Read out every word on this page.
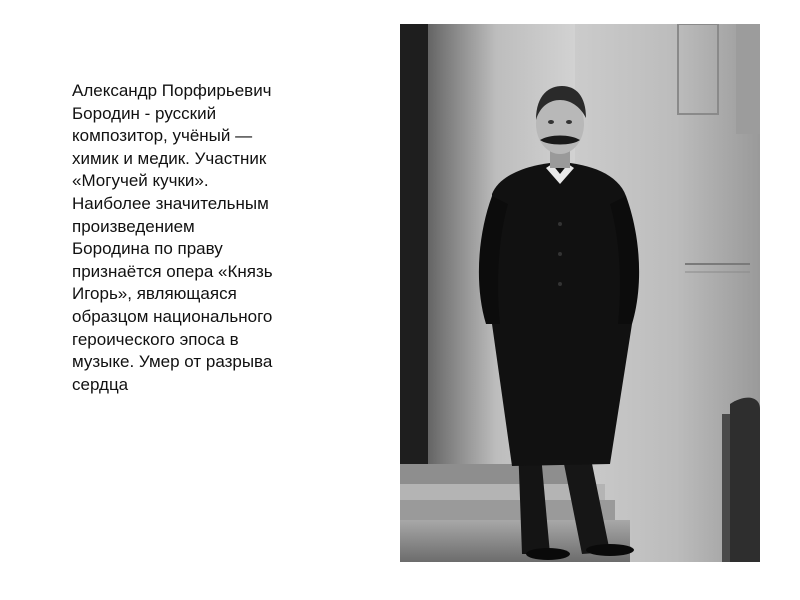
Александр Порфирьевич
Бородин - русский
композитор, учёный —
химик и медик. Участник
«Могучей кучки».
Наиболее значительным
произведением
Бородина по праву
признаётся опера «Князь
Игорь», являющаяся
образцом национального
героического эпоса в
музыке. Умер от разрыва
сердца
